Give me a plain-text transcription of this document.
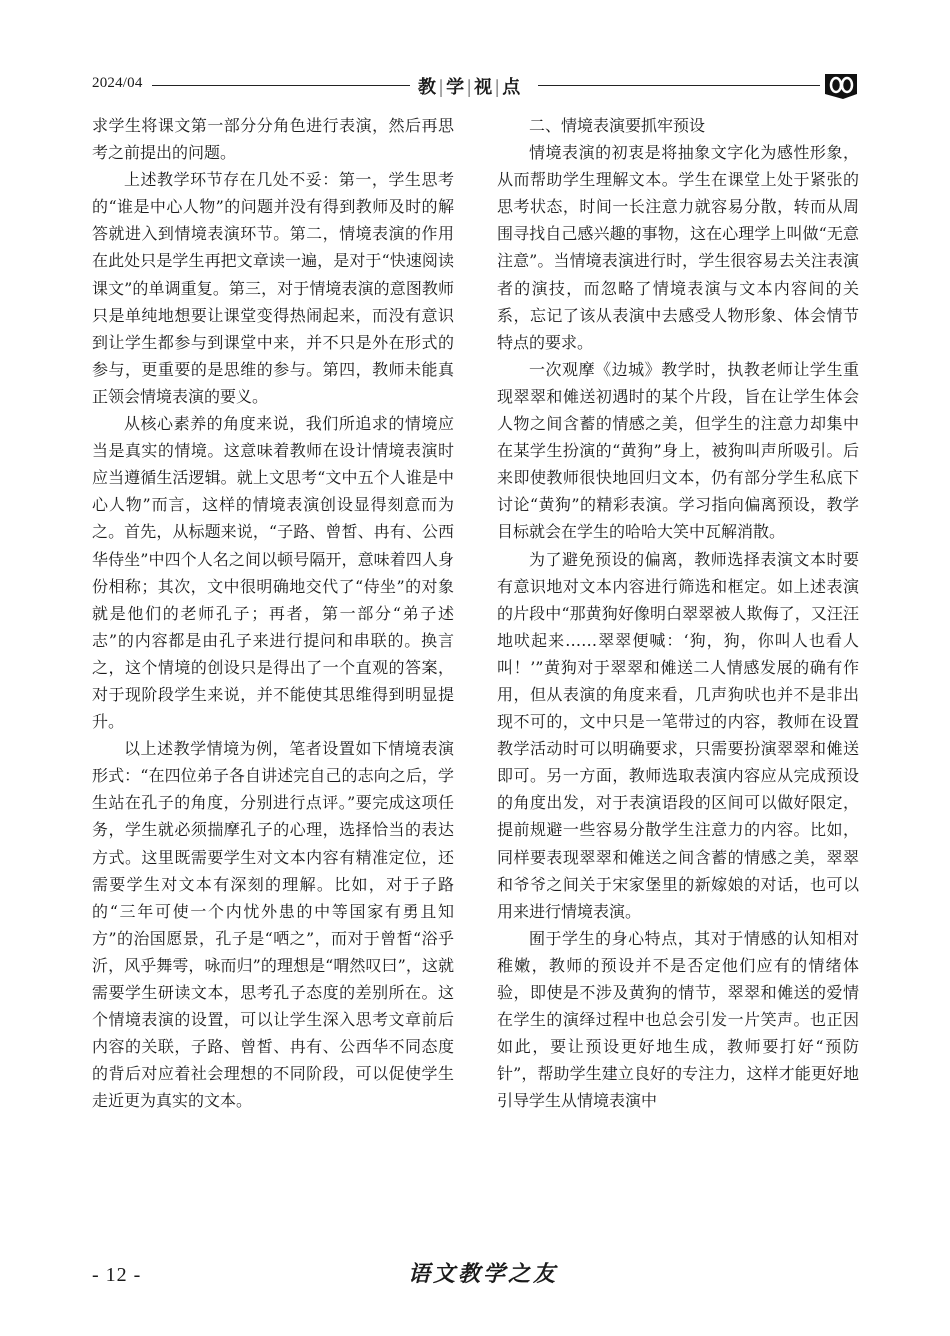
2024/04	教|学|视|点

求学生将课文第一部分分角色进行表演，然后再思考之前提出的问题。

上述教学环节存在几处不妥：第一，学生思考的“谁是中心人物”的问题并没有得到教师及时的解答就进入到情境表演环节。第二，情境表演的作用在此处只是学生再把文章读一遍，是对于“快速阅读课文”的单调重复。第三，对于情境表演的意图教师只是单纯地想要让课堂变得热闹起来，而没有意识到让学生都参与到课堂中来，并不只是外在形式的参与，更重要的是思维的参与。第四，教师未能真正领会情境表演的要义。

从核心素养的角度来说，我们所追求的情境应当是真实的情境。这意味着教师在设计情境表演时应当遵循生活逻辑。就上文思考“文中五个人谁是中心人物”而言，这样的情境表演创设显得刻意而为之。首先，从标题来说，“子路、曾皙、冉有、公西华侍坐”中四个人名之间以顿号隔开，意味着四人身份相称；其次，文中很明确地交代了“侍坐”的对象就是他们的老师孔子；再者，第一部分“弟子述志”的内容都是由孔子来进行提问和串联的。换言之，这个情境的创设只是得出了一个直观的答案，对于现阶段学生来说，并不能使其思维得到明显提升。

以上述教学情境为例，笔者设置如下情境表演形式：“在四位弟子各自讲述完自己的志向之后，学生站在孔子的角度，分别进行点评。”要完成这项任务，学生就必须揣摩孔子的心理，选择恰当的表达方式。这里既需要学生对文本内容有精准定位，还需要学生对文本有深刻的理解。比如，对于子路的“三年可使一个内忧外患的中等国家有勇且知方”的治国愿景，孔子是“哂之”，而对于曾皙“浴乎沂，风乎舞雩，咏而归”的理想是“喟然叹曰”，这就需要学生研读文本，思考孔子态度的差别所在。这个情境表演的设置，可以让学生深入思考文章前后内容的关联，子路、曾皙、冉有、公西华不同态度的背后对应着社会理想的不同阶段，可以促使学生走近更为真实的文本。

二、情境表演要抓牢预设

情境表演的初衷是将抽象文字化为感性形象，从而帮助学生理解文本。学生在课堂上处于紧张的思考状态，时间一长注意力就容易分散，转而从周围寻找自己感兴趣的事物，这在心理学上叫做“无意注意”。当情境表演进行时，学生很容易去关注表演者的演技，而忽略了情境表演与文本内容间的关系，忘记了该从表演中去感受人物形象、体会情节特点的要求。

一次观摩《边城》教学时，执教老师让学生重现翠翠和傩送初遇时的某个片段，旨在让学生体会人物之间含蓄的情感之美，但学生的注意力却集中在某学生扮演的“黄狗”身上，被狗叫声所吸引。后来即使教师很快地回归文本，仍有部分学生私底下讨论“黄狗”的精彩表演。学习指向偏离预设，教学目标就会在学生的哈哈大笑中瓦解消散。

为了避免预设的偏离，教师选择表演文本时要有意识地对文本内容进行筛选和框定。如上述表演的片段中“那黄狗好像明白翠翠被人欺侮了，又汪汪地吠起来……翠翠便喊：‘狗，狗，你叫人也看人叫！’”黄狗对于翠翠和傩送二人情感发展的确有作用，但从表演的角度来看，几声狗吠也并不是非出现不可的，文中只是一笔带过的内容，教师在设置教学活动时可以明确要求，只需要扮演翠翠和傩送即可。另一方面，教师选取表演内容应从完成预设的角度出发，对于表演语段的区间可以做好限定，提前规避一些容易分散学生注意力的内容。比如，同样要表现翠翠和傩送之间含蓄的情感之美，翠翠和爷爷之间关于宋家堡里的新嫁娘的对话，也可以用来进行情境表演。

囿于学生的身心特点，其对于情感的认知相对稚嫩，教师的预设并不是否定他们应有的情绪体验，即使是不涉及黄狗的情节，翠翠和傩送的爱情在学生的演绎过程中也总会引发一片笑声。也正因如此，要让预设更好地生成，教师要打好“预防针”，帮助学生建立良好的专注力，这样才能更好地引导学生从情境表演中

- 12 -	语文教学之友
